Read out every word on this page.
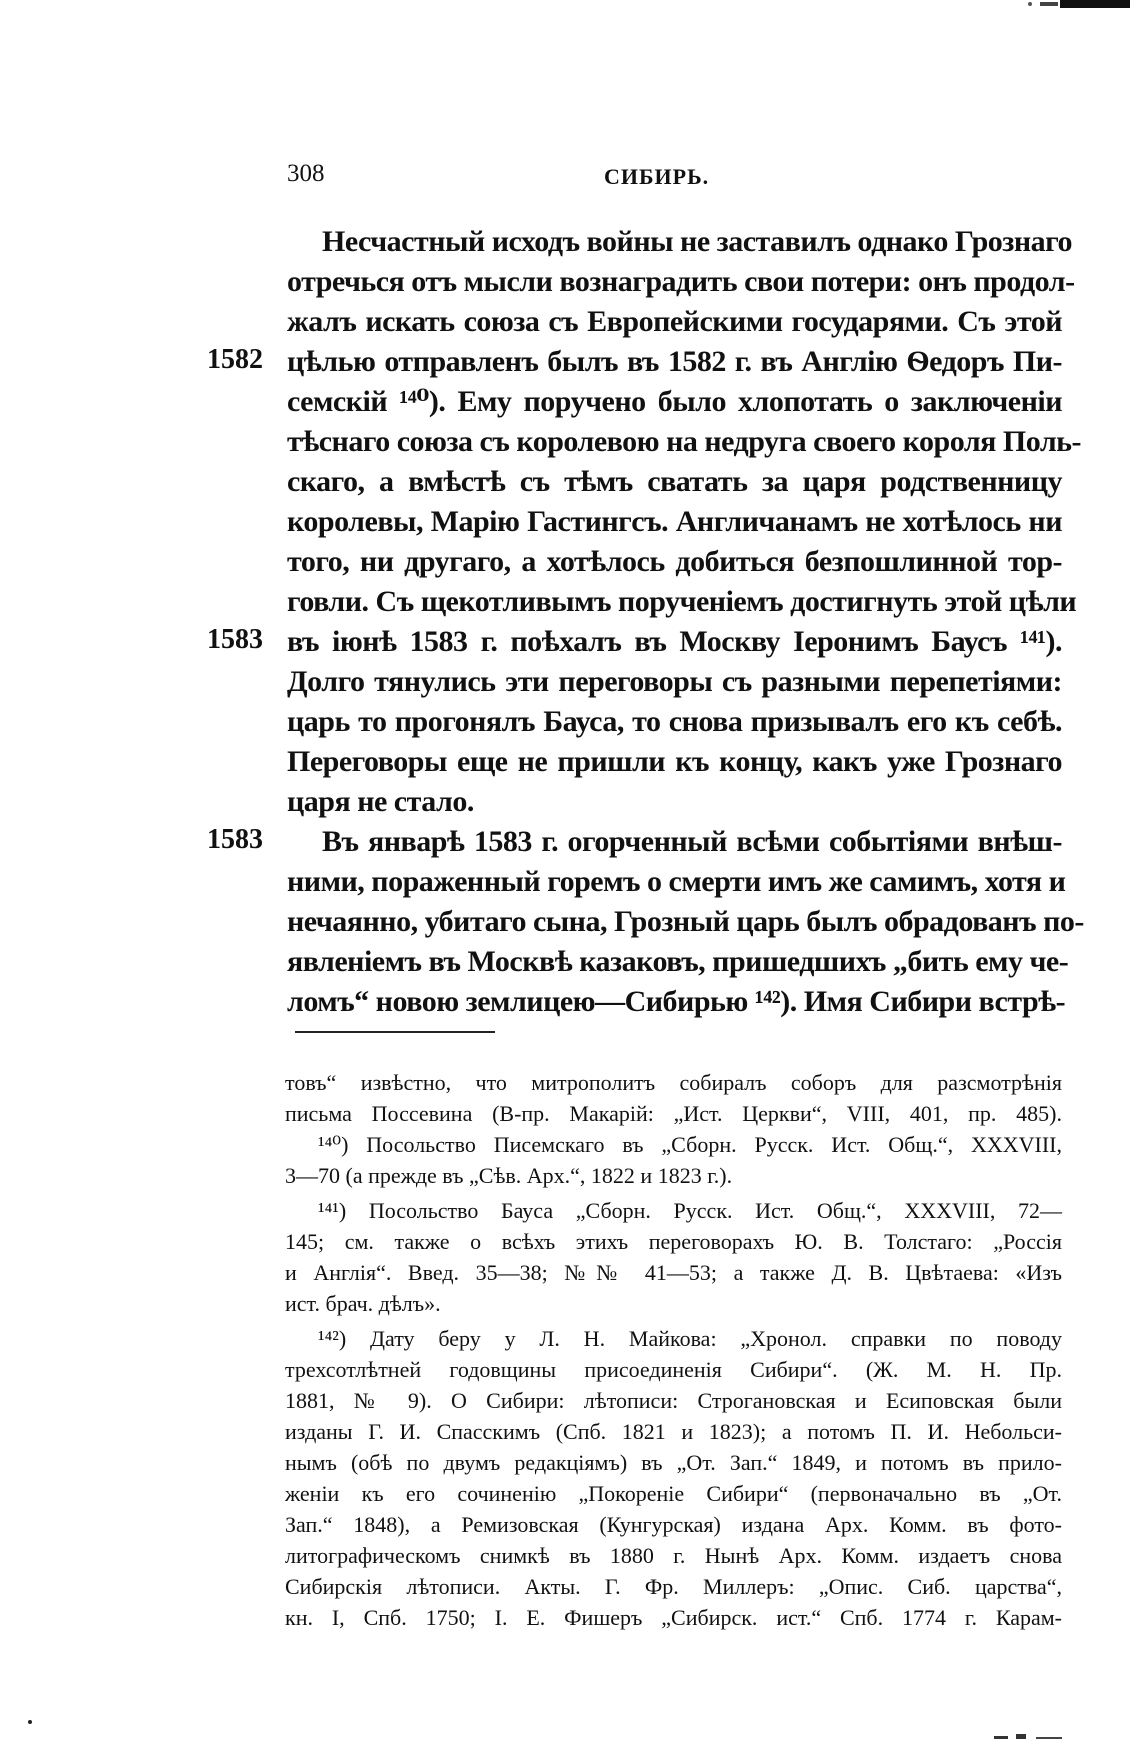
308	СИБИРЬ.
Несчастный исходъ войны не заставилъ однако Грознаго
отречься отъ мысли вознаградить свои потери: онъ продол-
жалъ искать союза съ Европейскими государями. Съ этой
цѣлью отправленъ былъ въ 1582 г. въ Англію Ѳедоръ Пи-
семскій ¹⁴⁰). Ему поручено было хлопотать о заключеніи
тѣснаго союза съ королевою на недруга своего короля Поль-
скаго, а вмѣстѣ съ тѣмъ сватать за царя родственницу
королевы, Марію Гастингсъ. Англичанамъ не хотѣлось ни
того, ни другаго, а хотѣлось добиться безпошлинной тор-
говли. Съ щекотливымъ порученіемъ достигнуть этой цѣли
въ іюнѣ 1583 г. поѣхалъ въ Москву Іеронимъ Баусъ ¹⁴¹).
Долго тянулись эти переговоры съ разными перепетіями:
царь то прогонялъ Бауса, то снова призывалъ его къ себѣ.
Переговоры еще не пришли къ концу, какъ уже Грознаго
царя не стало.
Въ январѣ 1583 г. огорченный всѣми событіями внѣш-
ними, пораженный горемъ о смерти имъ же самимъ, хотя и
нечаянно, убитаго сына, Грозный царь былъ обрадованъ по-
явленіемъ въ Москвѣ казаковъ, пришедшихъ „бить ему че-
ломъ“ новою землицею—Сибирью ¹⁴²). Имя Сибири встрѣ-
1582
1583
1583
товъ“ извѣстно, что митрополитъ собиралъ соборъ для разсмотрѣнія
письма Поссевина (B-пр. Макарій: „Ист. Церкви“, VIII, 401, пр. 485).
¹⁴⁰) Посольство Писемскаго въ „Сборн. Русск. Ист. Общ.“, XXXVIII,
3—70 (а прежде въ „Сѣв. Арх.“, 1822 и 1823 г.).
¹⁴¹) Посольство Бауса „Сборн. Русск. Ист. Общ.“, XXXVIII, 72—
145; см. также о всѣхъ этихъ переговорахъ Ю. В. Толстаго: „Россія
и Англія“. Введ. 35—38; №№ 41—53; а также Д. В. Цвѣтаева: «Изъ
ист. брач. дѣлъ».
¹⁴²) Дату беру у Л. Н. Майкова: „Хронол. справки по поводу
трехсотлѣтней годовщины присоединенія Сибири“. (Ж. М. Н. Пр.
1881, № 9). О Сибири: лѣтописи: Строгановская и Есиповская были
изданы Г. И. Спасскимъ (Спб. 1821 и 1823); а потомъ П. И. Небольси-
нымъ (обѣ по двумъ редакціямъ) въ „От. Зап.“ 1849, и потомъ въ прило-
женіи къ его сочиненію „Покореніе Сибири“ (первоначально въ „От.
Зап.“ 1848), а Ремизовская (Кунгурская) издана Арх. Комм. въ фото-
литографическомъ снимкѣ въ 1880 г. Нынѣ Арх. Комм. издаетъ снова
Сибирскія лѣтописи. Акты. Г. Фр. Миллеръ: „Опис. Сиб. царства“,
кн. I, Спб. 1750; I. Е. Фишеръ „Сибирск. ист.“ Спб. 1774 г. Карам-
